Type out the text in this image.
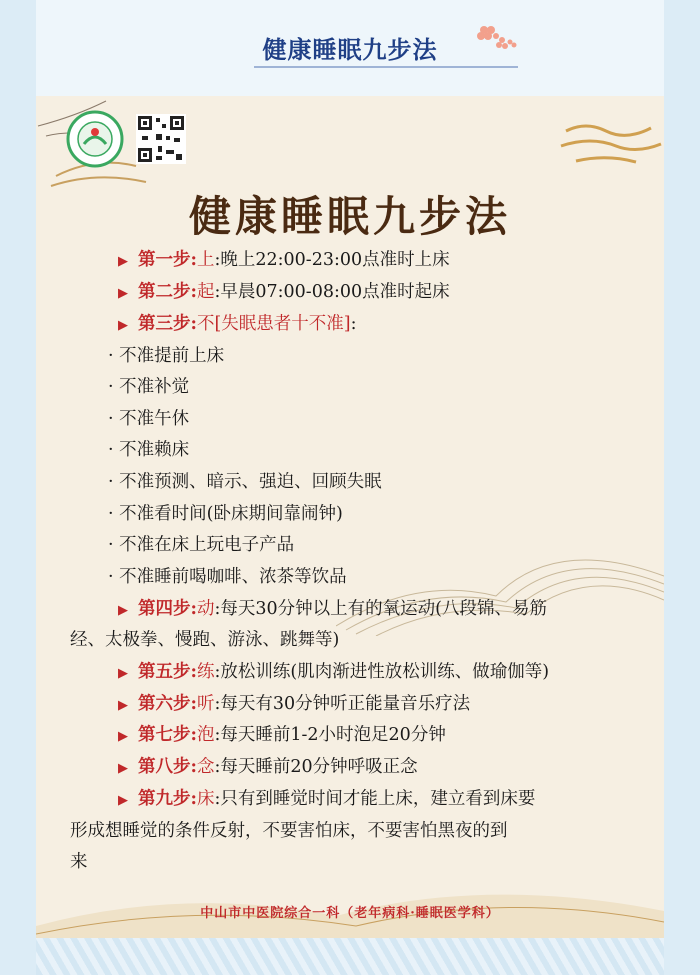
健康睡眠九步法
健康睡眠九步法
▶ 第一步:上:晚上22:00-23:00点准时上床
▶ 第二步:起:早晨07:00-08:00点准时起床
▶ 第三步:不[失眠患者十不准]:
· 不准提前上床
· 不准补觉
· 不准午休
· 不准赖床
· 不准预测、暗示、强迫、回顾失眠
· 不准看时间(卧床期间靠闹钟)
· 不准在床上玩电子产品
· 不准睡前喝咖啡、浓茶等饮品
▶ 第四步:动:每天30分钟以上有的氧运动(八段锦、易筋
经、太极拳、慢跑、游泳、跳舞等)
▶ 第五步:练:放松训练(肌肉渐进性放松训练、做瑜伽等)
▶ 第六步:听:每天有30分钟听正能量音乐疗法
▶ 第七步:泡:每天睡前1-2小时泡足20分钟
▶ 第八步:念:每天睡前20分钟呼吸正念
▶ 第九步:床:只有到睡觉时间才能上床，建立看到床要
形成想睡觉的条件反射，不要害怕床，不要害怕黑夜的到
来
中山市中医院综合一科（老年病科·睡眠医学科）
